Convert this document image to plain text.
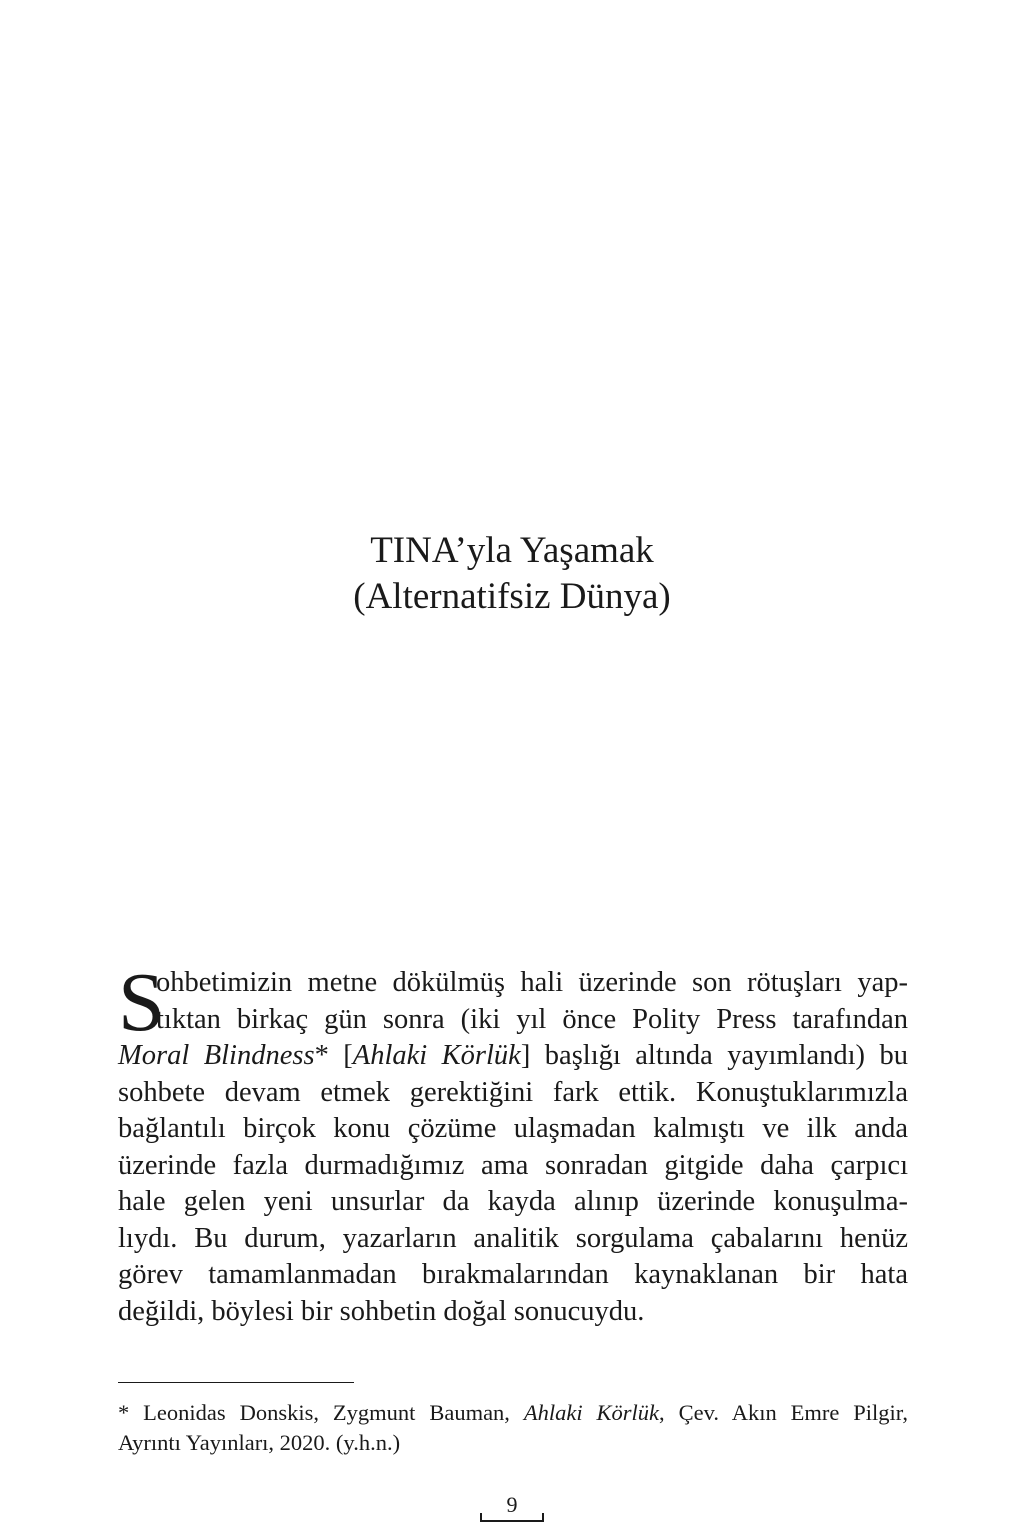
TINA’yla Yaşamak
(Alternatifsiz Dünya)
S
ohbetimizin metne dökülmüş hali üzerinde son rötuşları yap-
tıktan birkaç gün sonra (iki yıl önce Polity Press tarafından
Moral Blindness* [Ahlaki Körlük] başlığı altında yayımlandı) bu
sohbete devam etmek gerektiğini fark ettik. Konuştuklarımızla
bağlantılı birçok konu çözüme ulaşmadan kalmıştı ve ilk anda
üzerinde fazla durmadığımız ama sonradan gitgide daha çarpıcı
hale gelen yeni unsurlar da kayda alınıp üzerinde konuşulma-
lıydı. Bu durum, yazarların analitik sorgulama çabalarını henüz
görev tamamlanmadan bırakmalarından kaynaklanan bir hata
değildi, böylesi bir sohbetin doğal sonucuydu.
* Leonidas Donskis, Zygmunt Bauman, Ahlaki Körlük, Çev. Akın Emre Pilgir,
Ayrıntı Yayınları, 2020. (y.h.n.)
9
